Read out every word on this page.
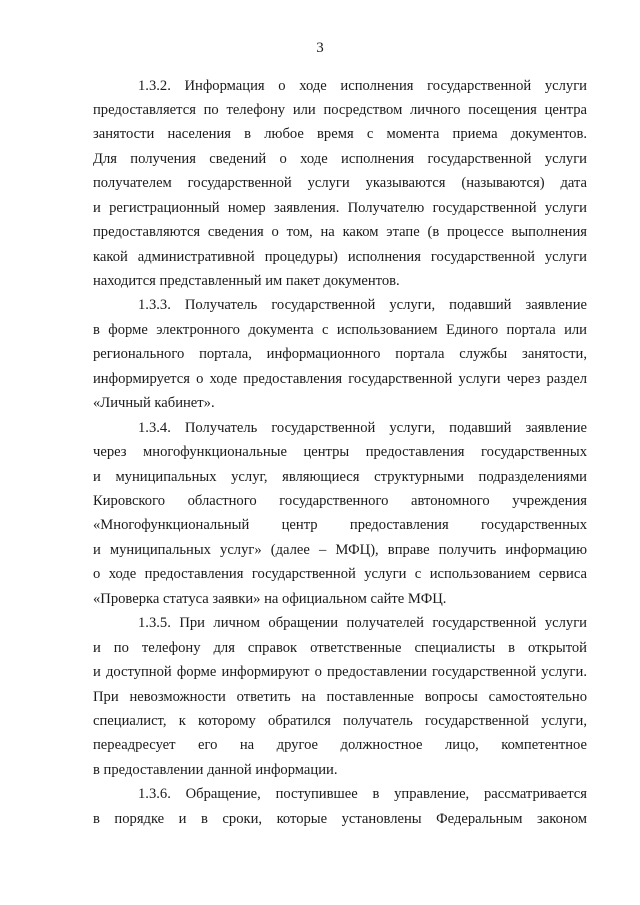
3
1.3.2. Информация о ходе исполнения государственной услуги
предоставляется по телефону или посредством личного посещения центра
занятости населения в любое время с момента приема документов.
Для получения сведений о ходе исполнения государственной услуги
получателем государственной услуги указываются (называются) дата
и регистрационный номер заявления. Получателю государственной услуги
предоставляются сведения о том, на каком этапе (в процессе выполнения
какой административной процедуры) исполнения государственной услуги
находится представленный им пакет документов.
1.3.3. Получатель государственной услуги, подавший заявление
в форме электронного документа с использованием Единого портала или
регионального портала, информационного портала службы занятости,
информируется о ходе предоставления государственной услуги через раздел
«Личный кабинет».
1.3.4. Получатель государственной услуги, подавший заявление
через многофункциональные центры предоставления государственных
и муниципальных услуг, являющиеся структурными подразделениями
Кировского областного государственного автономного учреждения
«Многофункциональный центр предоставления государственных
и муниципальных услуг» (далее – МФЦ), вправе получить информацию
о ходе предоставления государственной услуги с использованием сервиса
«Проверка статуса заявки» на официальном сайте МФЦ.
1.3.5. При личном обращении получателей государственной услуги
и по телефону для справок ответственные специалисты в открытой
и доступной форме информируют о предоставлении государственной услуги.
При невозможности ответить на поставленные вопросы самостоятельно
специалист, к которому обратился получатель государственной услуги,
переадресует его на другое должностное лицо, компетентное
в предоставлении данной информации.
1.3.6. Обращение, поступившее в управление, рассматривается
в порядке и в сроки, которые установлены Федеральным законом
